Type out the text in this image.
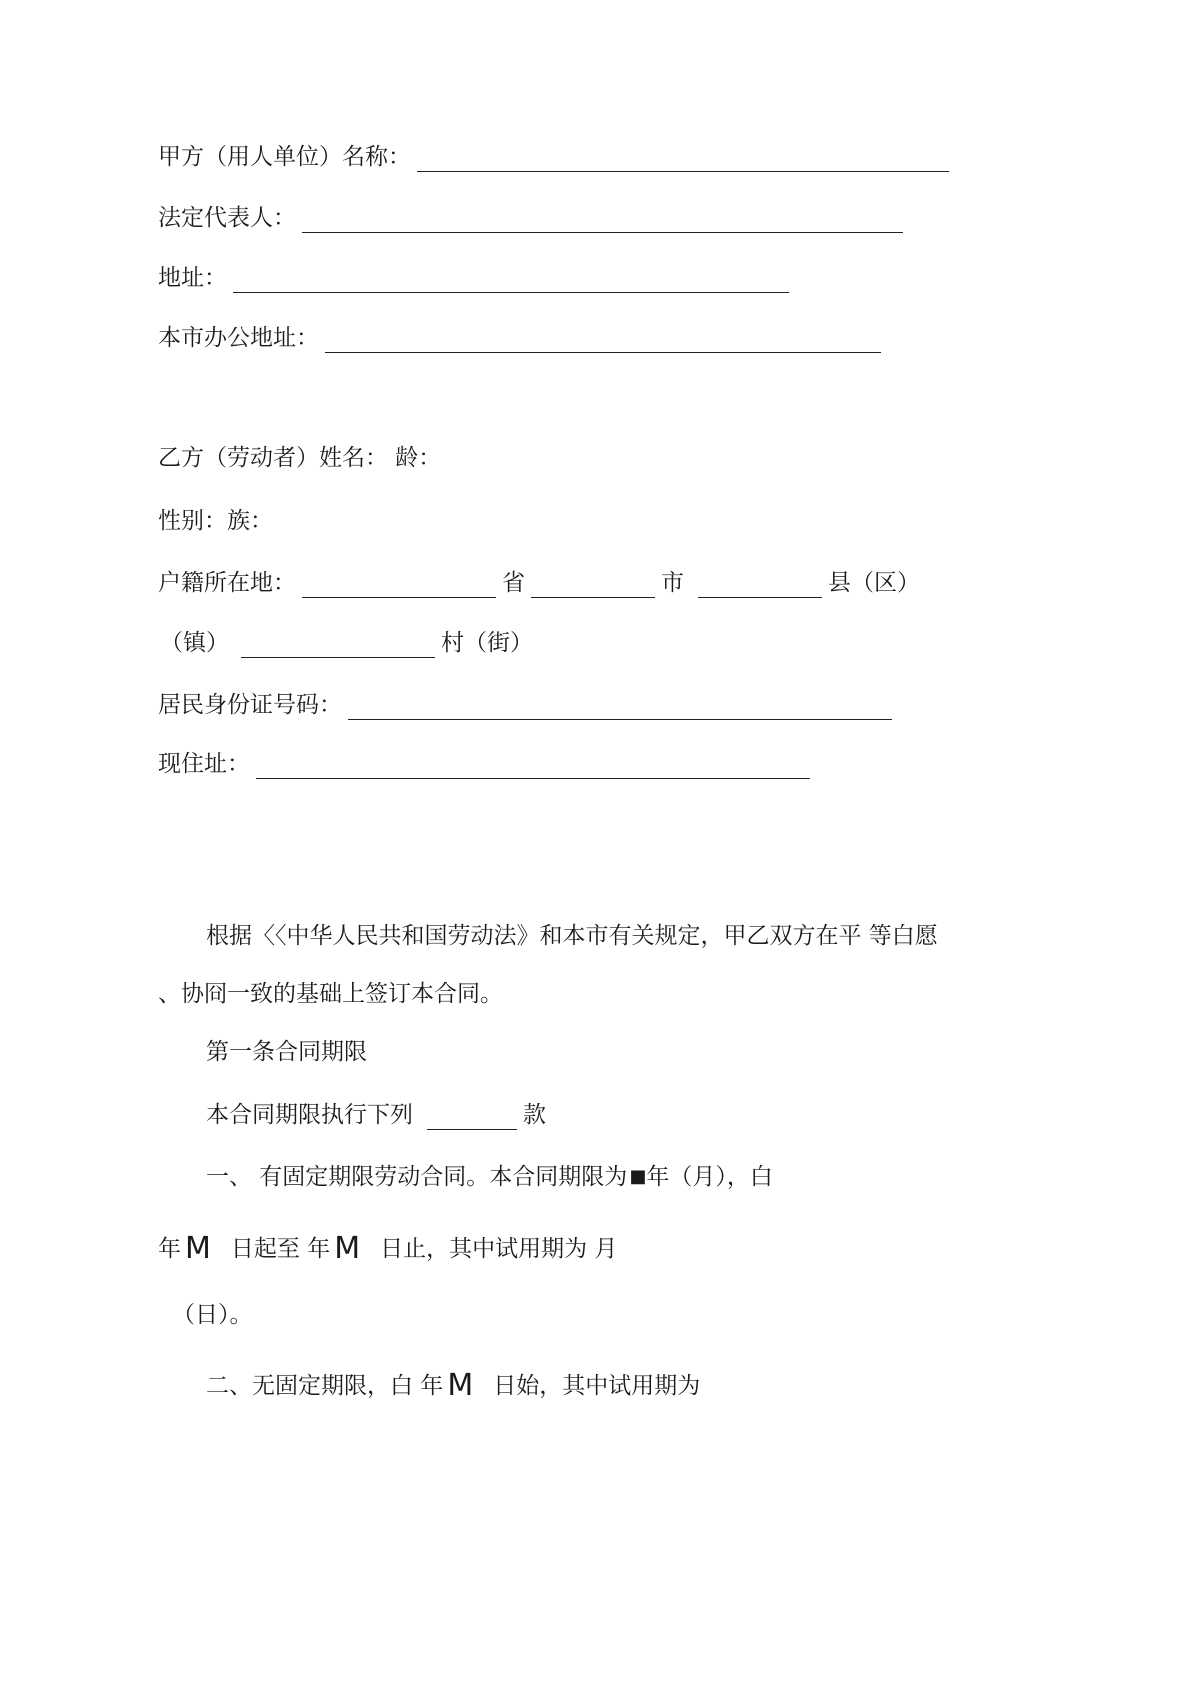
甲方（用人单位）名称：
法定代表人：
地址：
本市办公地址：
乙方（劳动者）姓名： 龄：
性别：族：
户籍所在地：	省	市	县（区）
（镇）	村（街）
居民身份证号码：
现住址：
根据〈〈中华人民共和国劳动法》和本市有关规定，甲乙双方在平 等白愿
、协冏一致的基础上签订本合同。
第一条合同期限
本合同期限执行下列	款
一、 有固定期限劳动合同。本合同期限为 ■年（月），白
年 M 日起至 年 M 日止，其中试用期为 月
（日）。
二、无固定期限，白 年 M 日始，其中试用期为
